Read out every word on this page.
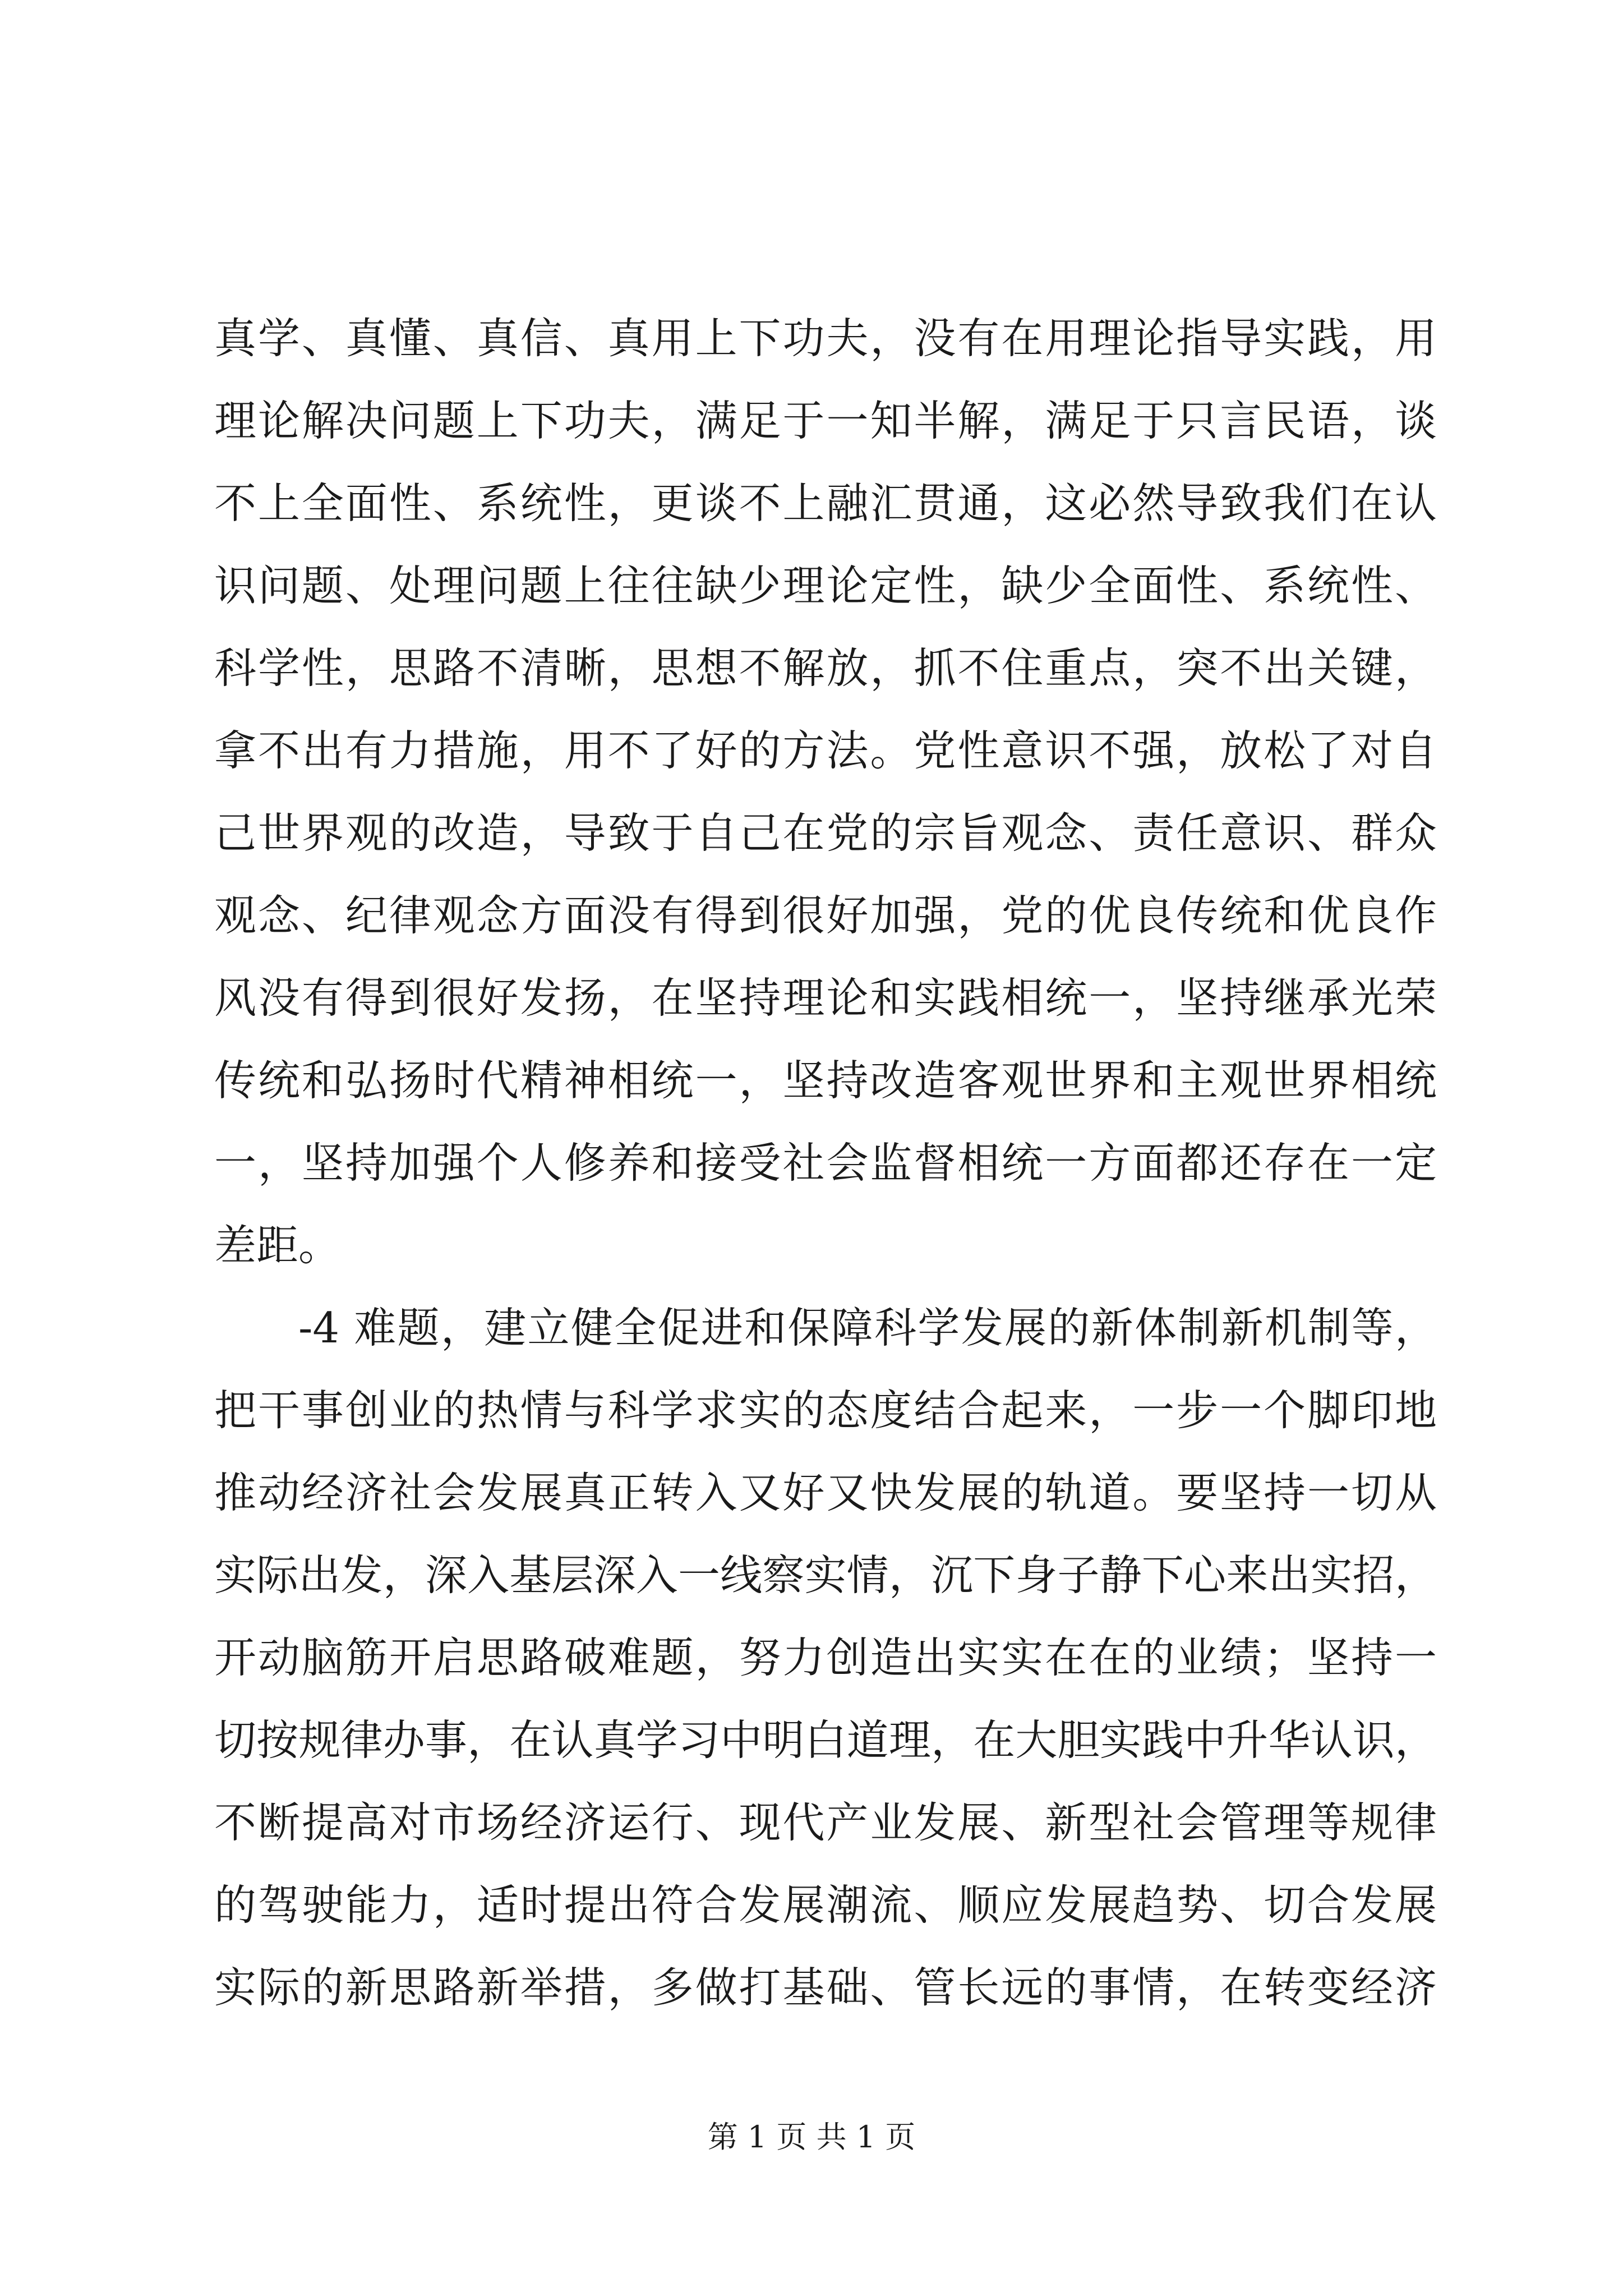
真学、真懂、真信、真用上下功夫，没有在用理论指导实践，用
理论解决问题上下功夫，满足于一知半解，满足于只言民语，谈
不上全面性、系统性，更谈不上融汇贯通，这必然导致我们在认
识问题、处理问题上往往缺少理论定性，缺少全面性、系统性、
科学性，思路不清晰，思想不解放，抓不住重点，突不出关键，
拿不出有力措施，用不了好的方法。党性意识不强，放松了对自
己世界观的改造，导致于自己在党的宗旨观念、责任意识、群众
观念、纪律观念方面没有得到很好加强，党的优良传统和优良作
风没有得到很好发扬，在坚持理论和实践相统一，坚持继承光荣
传统和弘扬时代精神相统一，坚持改造客观世界和主观世界相统
一，坚持加强个人修养和接受社会监督相统一方面都还存在一定
差距。
-4 难题，建立健全促进和保障科学发展的新体制新机制等，
把干事创业的热情与科学求实的态度结合起来，一步一个脚印地
推动经济社会发展真正转入又好又快发展的轨道。要坚持一切从
实际出发，深入基层深入一线察实情，沉下身子静下心来出实招，
开动脑筋开启思路破难题，努力创造出实实在在的业绩；坚持一
切按规律办事，在认真学习中明白道理，在大胆实践中升华认识，
不断提高对市场经济运行、现代产业发展、新型社会管理等规律
的驾驶能力，适时提出符合发展潮流、顺应发展趋势、切合发展
实际的新思路新举措，多做打基础、管长远的事情，在转变经济
第 1 页 共 1 页
